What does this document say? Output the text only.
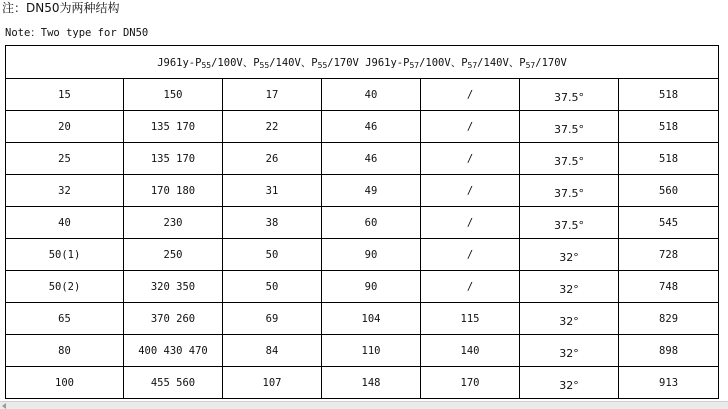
注：DN50为两种结构
Note：Two type for DN50
$J961y-P_{55}/100V$、$P_{55}/140V$、$P_{55}/170V$ $J961y-P_{57}/100V$、$P_{57}/140V$、$P_{57}/170V$						
15	150	17	40	/	37.5°	518
20	135 170	22	46	/	37.5°	518
25	135 170	26	46	/	37.5°	518
32	170 180	31	49	/	37.5°	560
40	230	38	60	/	37.5°	545
50(1)	250	50	90	/	32°	728
50(2)	320 350	50	90	/	32°	748
65	370 260	69	104	115	32°	829
80	400 430 470	84	110	140	32°	898
100	455 560	107	148	170	32°	913
